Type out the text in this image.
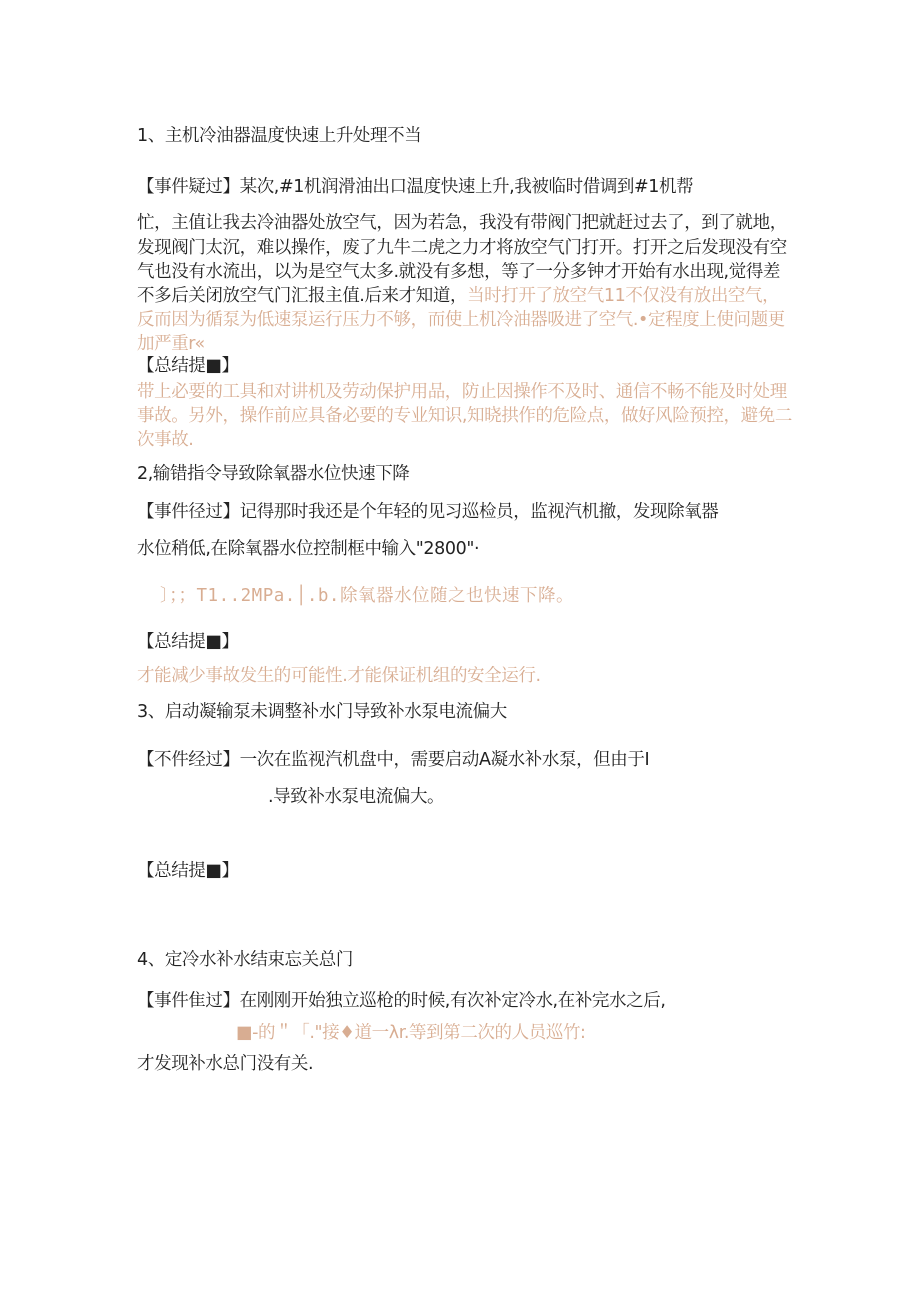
1、主机冷油器温度快速上升处理不当
【事件疑过】某次,#1机润滑油出口温度快速上升,我被临时借调到#1机帮
忙，主值让我去冷油器处放空气，因为若急，我没有带阀门把就赶过去了，到了就地，
发现阀门太沉，难以操作，废了九牛二虎之力才将放空气门打开。打开之后发现没有空
气也没有水流出，以为是空气太多.就没有多想，等了一分多钟才开始有水出现,觉得差
不多后关闭放空气门汇报主值.后来才知道，当时打开了放空气11不仅没有放出空气，
反而因为循泵为低速泵运行压力不够，而使上机冷油器吸进了空气.•定程度上使问题更
加严重r«
【总结提■】
带上必要的工具和对讲机及劳动保护用品，防止因操作不及时、通信不畅不能及时处理
事故。另外，操作前应具备必要的专业知识,知晓拱作的危险点，做好风险预控，避免二
次事故.
2,输错指令导致除氧器水位快速下降
【事件径过】记得那时我还是个年轻的见习巡检员，监视汽机撤，发现除氧器
水位稍低,在除氧器水位控制框中输入"2800"·
〕；；T1..2MPa.│.b.除氧器水位随之也快速下降。
【总结提■】
才能减少事故发生的可能性.才能保证机组的安全运行.
3、启动凝输泵未调整补水门导致补水泵电流偏大
【不件经过】一次在监视汽机盘中，需要启动A凝水补水泵，但由于I
.导致补水泵电流偏大。
【总结提■】
4、定冷水补水结束忘关总门
【事件隹过】在刚刚开始独立巡枪的时候,有次补定冷水,在补完水之后,
■-的＂「."接♦道一λr.等到第二次的人员巡竹:
才发现补水总门没有关.
